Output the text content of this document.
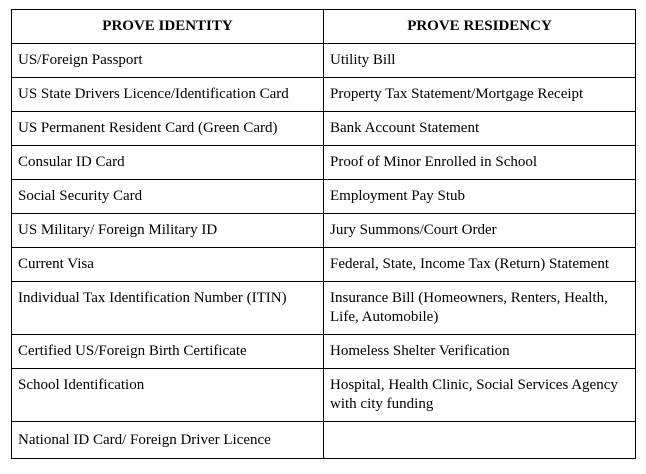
PROVE IDENTITY	PROVE RESIDENCY
US/Foreign Passport	Utility Bill
US State Drivers Licence/Identification Card	Property Tax Statement/Mortgage Receipt
US Permanent Resident Card (Green Card)	Bank Account Statement
Consular ID Card	Proof of Minor Enrolled in School
Social Security Card	Employment Pay Stub
US Military/ Foreign Military ID	Jury Summons/Court Order
Current Visa	Federal, State, Income Tax (Return) Statement
Individual Tax Identification Number (ITIN)	Insurance Bill (Homeowners, Renters, Health, Life, Automobile)
Certified US/Foreign Birth Certificate	Homeless Shelter Verification
School Identification	Hospital, Health Clinic, Social Services Agency with city funding
National ID Card/ Foreign Driver Licence	
